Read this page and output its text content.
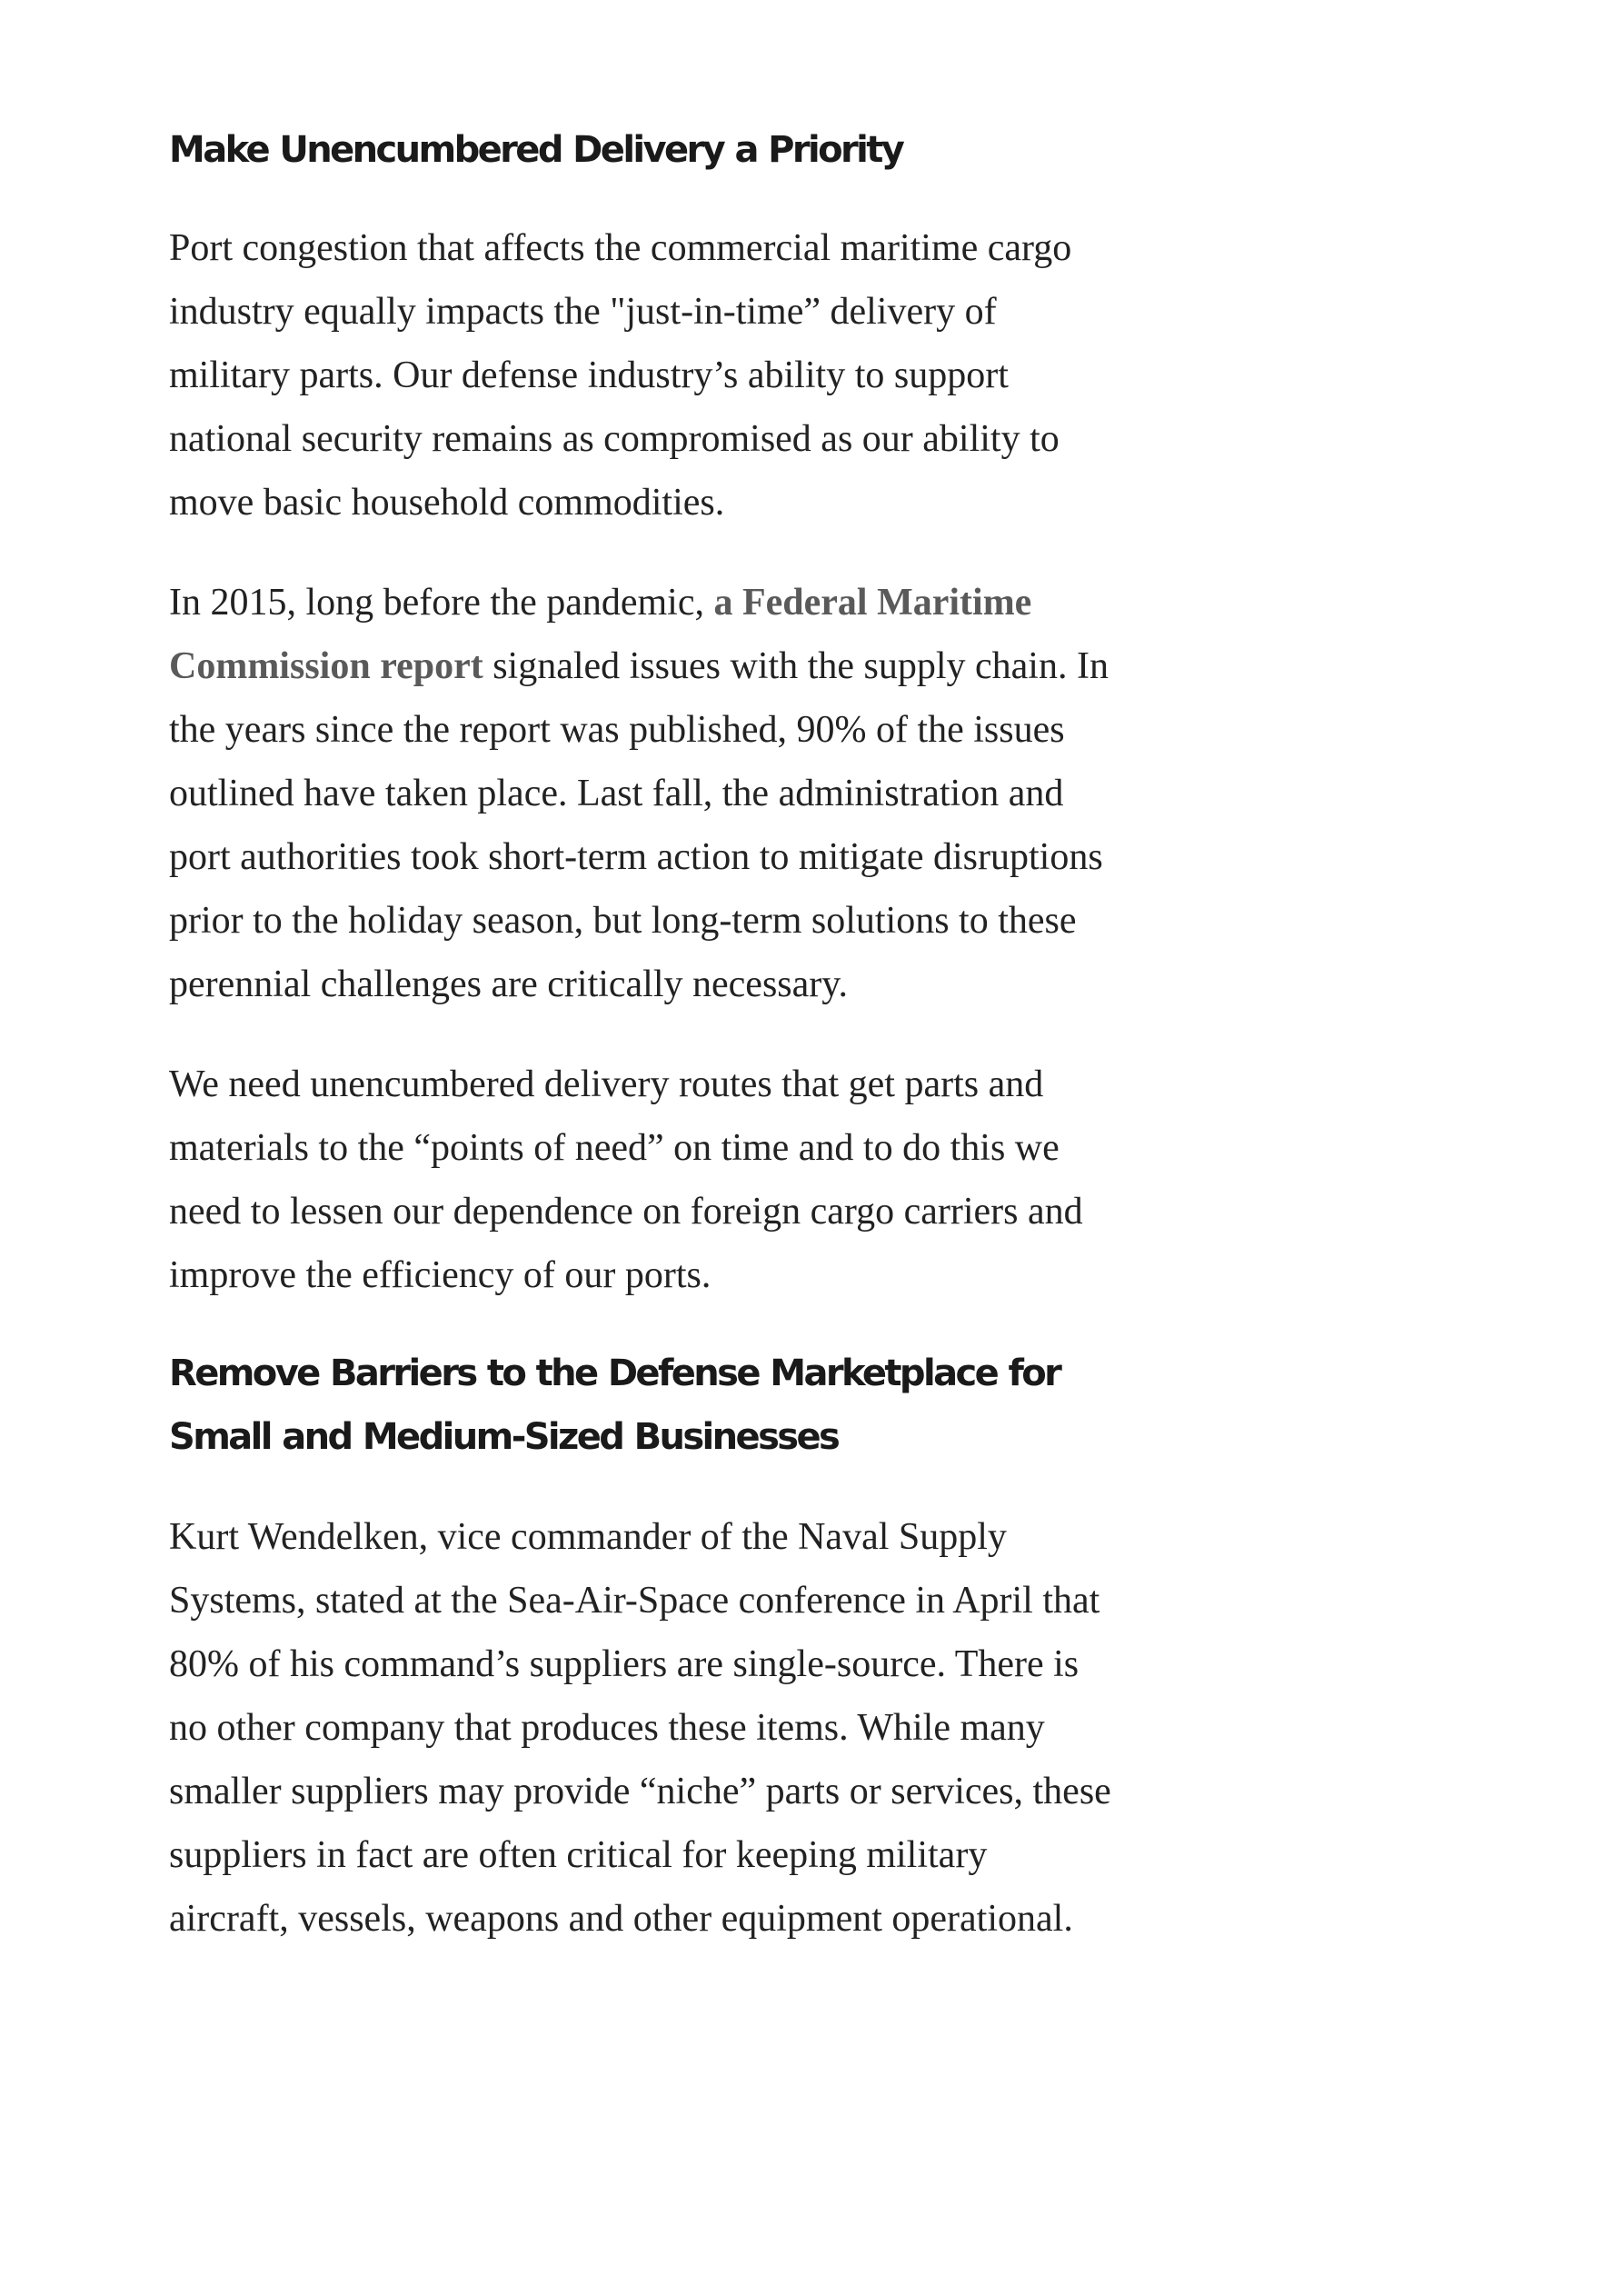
Make Unencumbered Delivery a Priority

Port congestion that affects the commercial maritime cargo industry equally impacts the "just-in-time” delivery of military parts. Our defense industry’s ability to support national security remains as compromised as our ability to move basic household commodities.

In 2015, long before the pandemic, a Federal Maritime Commission report signaled issues with the supply chain. In the years since the report was published, 90% of the issues outlined have taken place. Last fall, the administration and port authorities took short-term action to mitigate disruptions prior to the holiday season, but long-term solutions to these perennial challenges are critically necessary.

We need unencumbered delivery routes that get parts and materials to the “points of need” on time and to do this we need to lessen our dependence on foreign cargo carriers and improve the efficiency of our ports.

Remove Barriers to the Defense Marketplace for Small and Medium-Sized Businesses

Kurt Wendelken, vice commander of the Naval Supply Systems, stated at the Sea-Air-Space conference in April that 80% of his command’s suppliers are single-source. There is no other company that produces these items. While many smaller suppliers may provide “niche” parts or services, these suppliers in fact are often critical for keeping military aircraft, vessels, weapons and other equipment operational.
